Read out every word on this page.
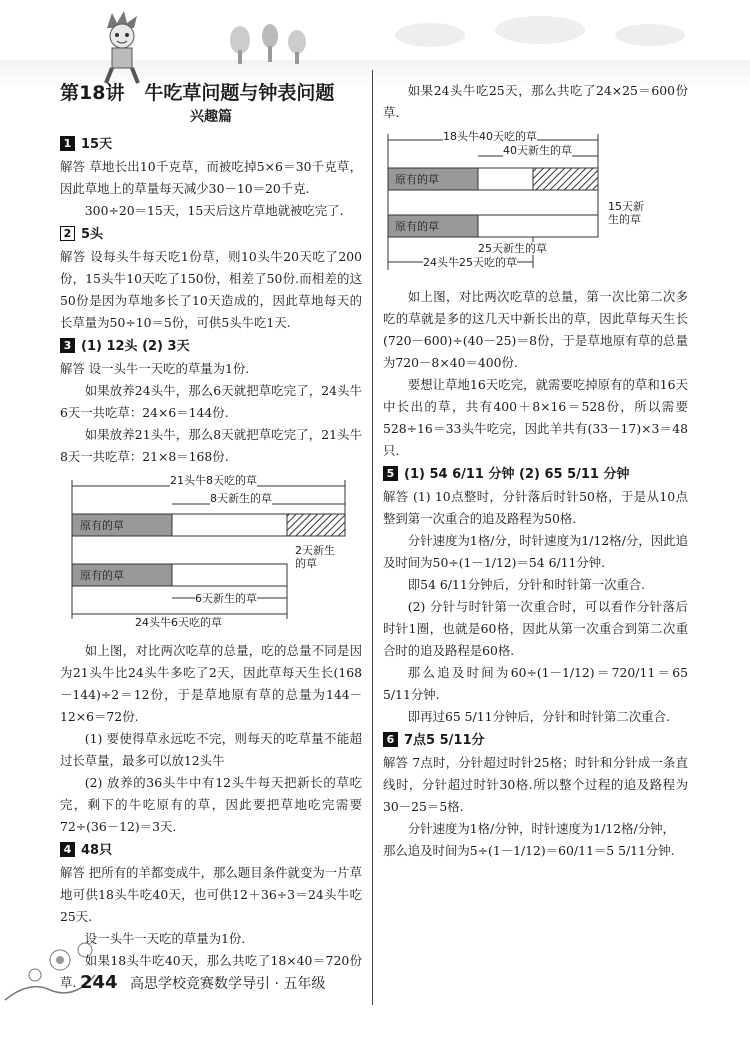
第18讲 牛吃草问题与钟表问题
兴趣篇
1 15天

解答 草地长出10千克草，而被吃掉5×6＝30千克草，因此草地上的草量每天减少30－10＝20千克.

300÷20＝15天，15天后这片草地就被吃完了.

2 5头

解答 设每头牛每天吃1份草，则10头牛20天吃了200份，15头牛10天吃了150份，相差了50份.而相差的这50份是因为草地多长了10天造成的，因此草地每天的长草量为50÷10＝5份，可供5头牛吃1天.

3 (1) 12头 (2) 3天

解答 设一头牛一天吃的草量为1份.

如果放养24头牛，那么6天就把草吃完了，24头牛6天一共吃草：24×6＝144份.

如果放养21头牛，那么8天就把草吃完了，21头牛8天一共吃草：21×8＝168份.

21头牛8天吃的草
8天新生的草
原有的草
原有的草
2天新生的草
6天新生的草
24头牛6天吃的草

如上图，对比两次吃草的总量，吃的总量不同是因为21头牛比24头牛多吃了2天，因此草每天生长(168－144)÷2＝12份，于是草地原有草的总量为144－12×6＝72份.

(1) 要使得草永远吃不完，则每天的吃草量不能超过长草量，最多可以放12头牛

(2) 放养的36头牛中有12头牛每天把新长的草吃完，剩下的牛吃原有的草，因此要把草地吃完需要72÷(36－12)＝3天.

4 48只

解答 把所有的羊都变成牛，那么题目条件就变为一片草地可供18头牛吃40天，也可供12＋36÷3＝24头牛吃25天.

设一头牛一天吃的草量为1份.

如果18头牛吃40天，那么共吃了18×40＝720份草.

如果24头牛吃25天，那么共吃了24×25＝600份草.

18头牛40天吃的草
40天新生的草
原有的草
原有的草
15天新生的草
25天新生的草
24头牛25天吃的草

如上图，对比两次吃草的总量，第一次比第二次多吃的草就是多的这几天中新长出的草，因此草每天生长(720－600)÷(40－25)＝8份，于是草地原有草的总量为720－8×40＝400份.

要想让草地16天吃完，就需要吃掉原有的草和16天中长出的草，共有400＋8×16＝528份，所以需要528÷16＝33头牛吃完，因此羊共有(33－17)×3＝48只.

5 (1) 54 6/11 分钟 (2) 65 5/11 分钟

解答 (1) 10点整时，分针落后时针50格，于是从10点整到第一次重合的追及路程为50格.

分针速度为1格/分，时针速度为1/12格/分，因此追及时间为50÷(1－1/12)＝54 6/11分钟.

即54 6/11分钟后，分针和时针第一次重合.

(2) 分针与时针第一次重合时，可以看作分针落后时针1圈，也就是60格，因此从第一次重合到第二次重合时的追及路程是60格.

那么追及时间为60÷(1－1/12)＝720/11＝65 5/11分钟.

即再过65 5/11分钟后，分针和时针第二次重合.

6 7点5 5/11分

解答 7点时，分针超过时针25格；时针和分针成一条直线时，分针超过时针30格.所以整个过程的追及路程为30－25＝5格.

分针速度为1格/分钟，时针速度为1/12格/分钟，

那么追及时间为5÷(1－1/12)＝60/11＝5 5/11分钟.

244 高思学校竞赛数学导引 · 五年级
